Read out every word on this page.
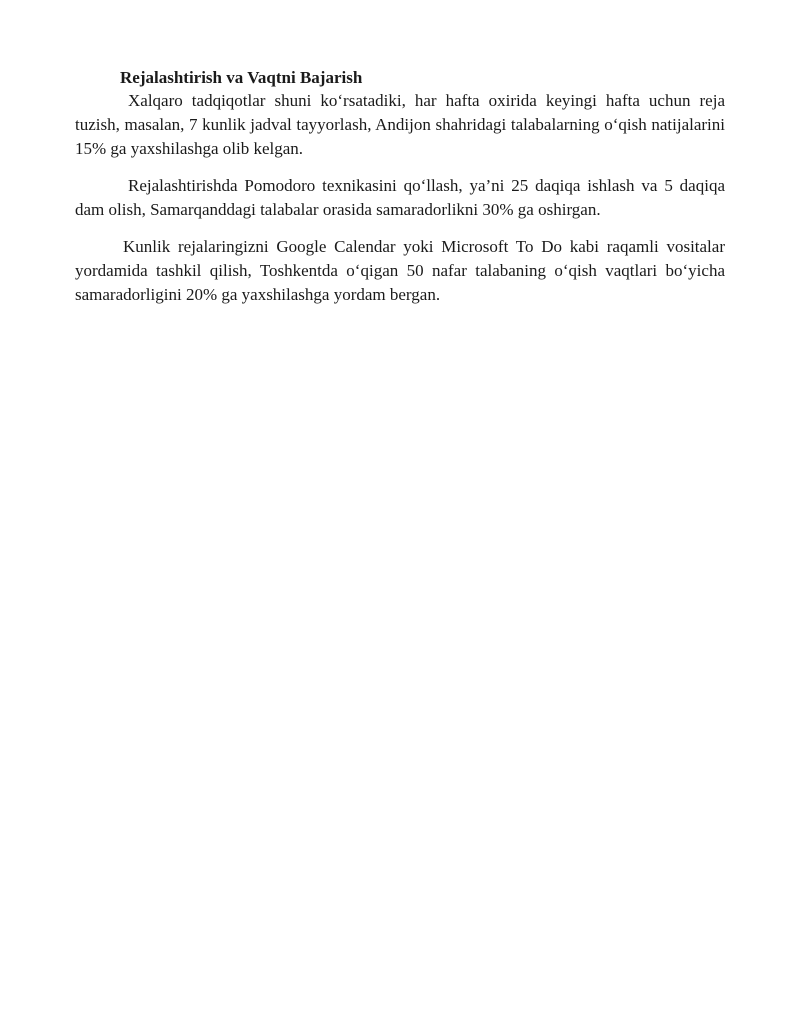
Rejalashtirish va Vaqtni Bajarish

Xalqaro tadqiqotlar shuni ko‘rsatadiki, har hafta oxirida keyingi hafta uchun reja tuzish, masalan, 7 kunlik jadval tayyorlash, Andijon shahridagi talabalarning o‘qish natijalarini 15% ga yaxshilashga olib kelgan.

Rejalashtirishda Pomodoro texnikasini qo‘llash, ya’ni 25 daqiqa ishlash va 5 daqiqa dam olish, Samarqanddagi talabalar orasida samaradorlikni 30% ga oshirgan.

Kunlik rejalaringizni Google Calendar yoki Microsoft To Do kabi raqamli vositalar yordamida tashkil qilish, Toshkentda o‘qigan 50 nafar talabaning o‘qish vaqtlari bo‘yicha samaradorligini 20% ga yaxshilashga yordam bergan.
